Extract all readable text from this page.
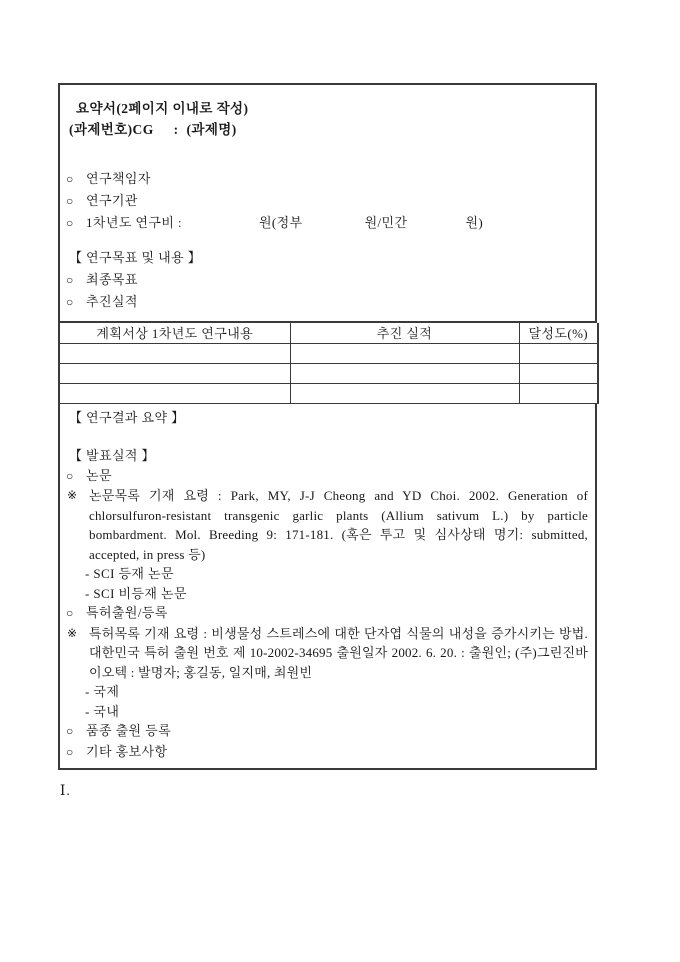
요약서(2페이지 이내로 작성)
(과제번호)CG : (과제명)
○ 연구책임자
○ 연구기관
○ 1차년도 연구비 :	원(정부	원/민간	원)
【 연구목표 및 내용 】
○ 최종목표
○ 추진실적
계획서상 1차년도 연구내용	추진 실적	달성도(%)

【 연구결과 요약 】
【 발표실적 】
○ 논문
※ 논문목록 기재 요령 : Park, MY, J-J Cheong and YD Choi. 2002. Generation of chlorsulfuron-resistant transgenic garlic plants (Allium sativum L.) by particle bombardment. Mol. Breeding 9: 171-181. (혹은 투고 및 심사상태 명기: submitted, accepted, in press 등)
- SCI 등재 논문
- SCI 비등재 논문
○ 특허출원/등록
※ 특허목록 기재 요령 : 비생물성 스트레스에 대한 단자엽 식물의 내성을 증가시키는 방법. 대한민국 특허 출원 번호 제 10-2002-34695 출원일자 2002. 6. 20. : 출원인; (주)그린진바이오텍 : 발명자; 홍길동, 일지매, 최원빈
- 국제
- 국내
○ 품종 출원 등록
○ 기타 홍보사항
Ⅰ.
